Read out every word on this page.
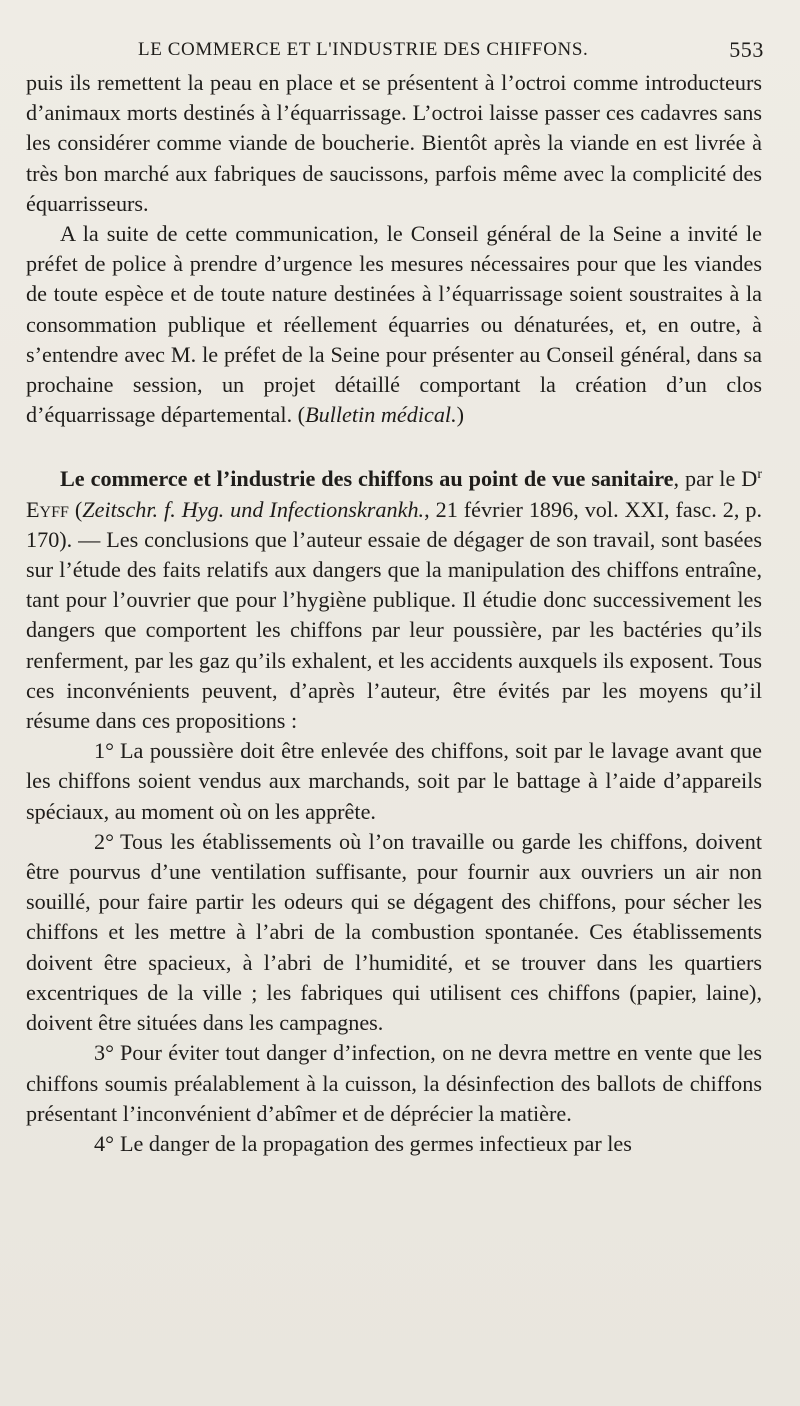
LE COMMERCE ET L'INDUSTRIE DES CHIFFONS.	553

puis ils remettent la peau en place et se présentent à l’octroi comme introducteurs d’animaux morts destinés à l’équarrissage. L’octroi laisse passer ces cadavres sans les considérer comme viande de boucherie. Bientôt après la viande en est livrée à très bon marché aux fabriques de saucissons, parfois même avec la complicité des équarrisseurs.

A la suite de cette communication, le Conseil général de la Seine a invité le préfet de police à prendre d’urgence les mesures nécessaires pour que les viandes de toute espèce et de toute nature destinées à l’équarrissage soient soustraites à la consommation publique et réellement équarries ou dénaturées, et, en outre, à s’entendre avec M. le préfet de la Seine pour présenter au Conseil général, dans sa prochaine session, un projet détaillé comportant la création d’un clos d’équarrissage départemental. (Bulletin médical.)

Le commerce et l’industrie des chiffons au point de vue sanitaire, par le $D^r$ Eyff (Zeitschr. f. Hyg. und Infectionskrankh., 21 février 1896, vol. XXI, fasc. 2, p. 170). — Les conclusions que l’auteur essaie de dégager de son travail, sont basées sur l’étude des faits relatifs aux dangers que la manipulation des chiffons entraîne, tant pour l’ouvrier que pour l’hygiène publique. Il étudie donc successivement les dangers que comportent les chiffons par leur poussière, par les bactéries qu’ils renferment, par les gaz qu’ils exhalent, et les accidents auxquels ils exposent. Tous ces inconvénients peuvent, d’après l’auteur, être évités par les moyens qu’il résume dans ces propositions :

1° La poussière doit être enlevée des chiffons, soit par le lavage avant que les chiffons soient vendus aux marchands, soit par le battage à l’aide d’appareils spéciaux, au moment où on les apprête.

2° Tous les établissements où l’on travaille ou garde les chiffons, doivent être pourvus d’une ventilation suffisante, pour fournir aux ouvriers un air non souillé, pour faire partir les odeurs qui se dégagent des chiffons, pour sécher les chiffons et les mettre à l’abri de la combustion spontanée. Ces établissements doivent être spacieux, à l’abri de l’humidité, et se trouver dans les quartiers excentriques de la ville ; les fabriques qui utilisent ces chiffons (papier, laine), doivent être situées dans les campagnes.

3° Pour éviter tout danger d’infection, on ne devra mettre en vente que les chiffons soumis préalablement à la cuisson, la désinfection des ballots de chiffons présentant l’inconvénient d’abîmer et de déprécier la matière.

4° Le danger de la propagation des germes infectieux par les
